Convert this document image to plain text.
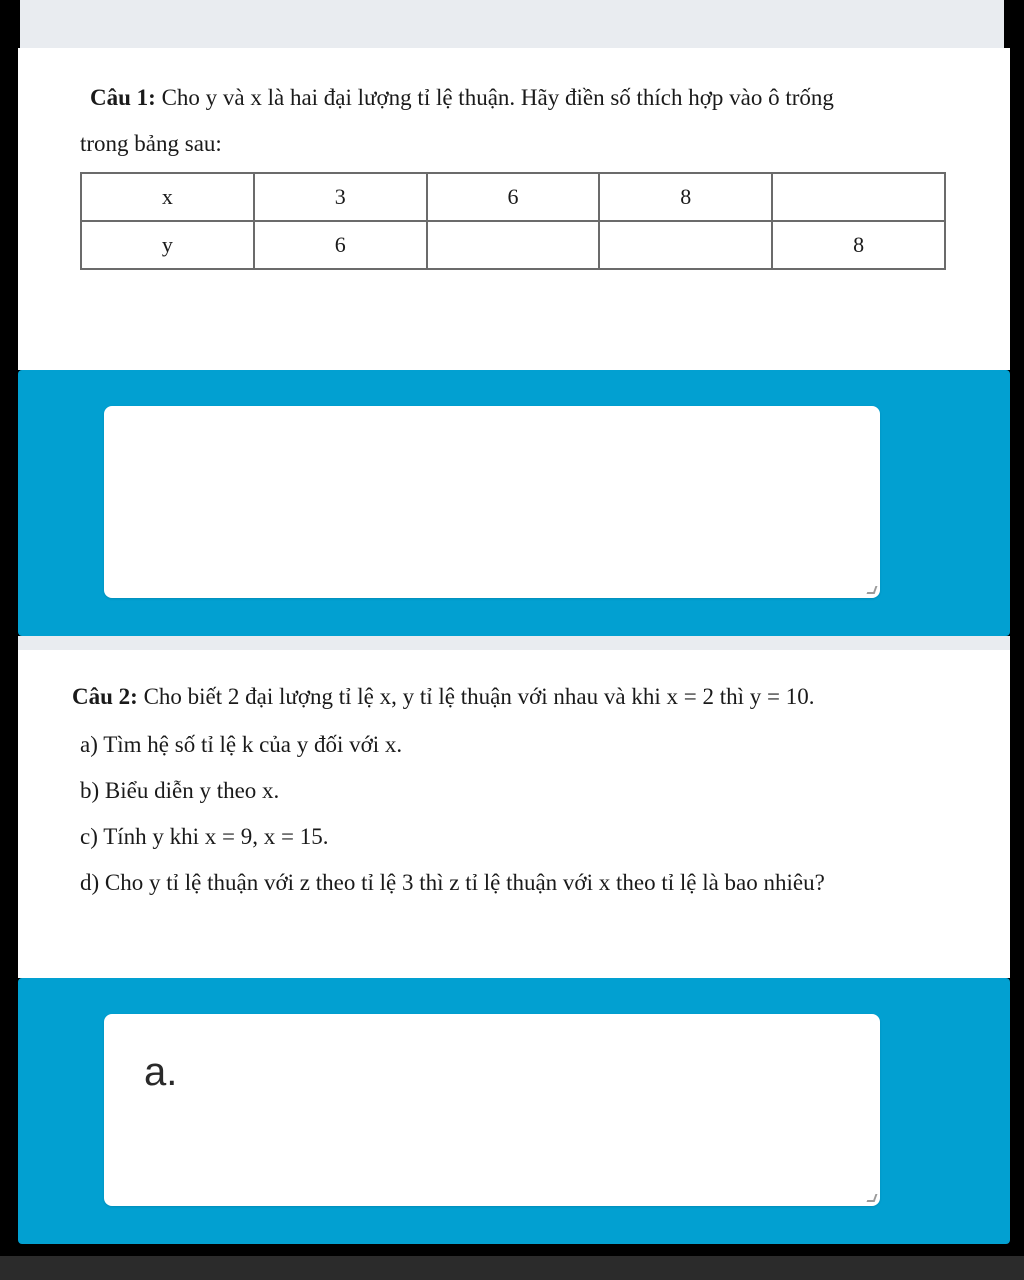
Câu 1: Cho y và x là hai đại lượng tỉ lệ thuận. Hãy điền số thích hợp vào ô trống
trong bảng sau:
x	3	6	8	
y	6			8
Câu 2: Cho biết 2 đại lượng tỉ lệ x, y tỉ lệ thuận với nhau và khi x = 2 thì y = 10.
a) Tìm hệ số tỉ lệ k của y đối với x.
b) Biểu diễn y theo x.
c) Tính y khi x = 9, x = 15.
d) Cho y tỉ lệ thuận với z theo tỉ lệ 3 thì z tỉ lệ thuận với x theo tỉ lệ là bao nhiêu?
a.
